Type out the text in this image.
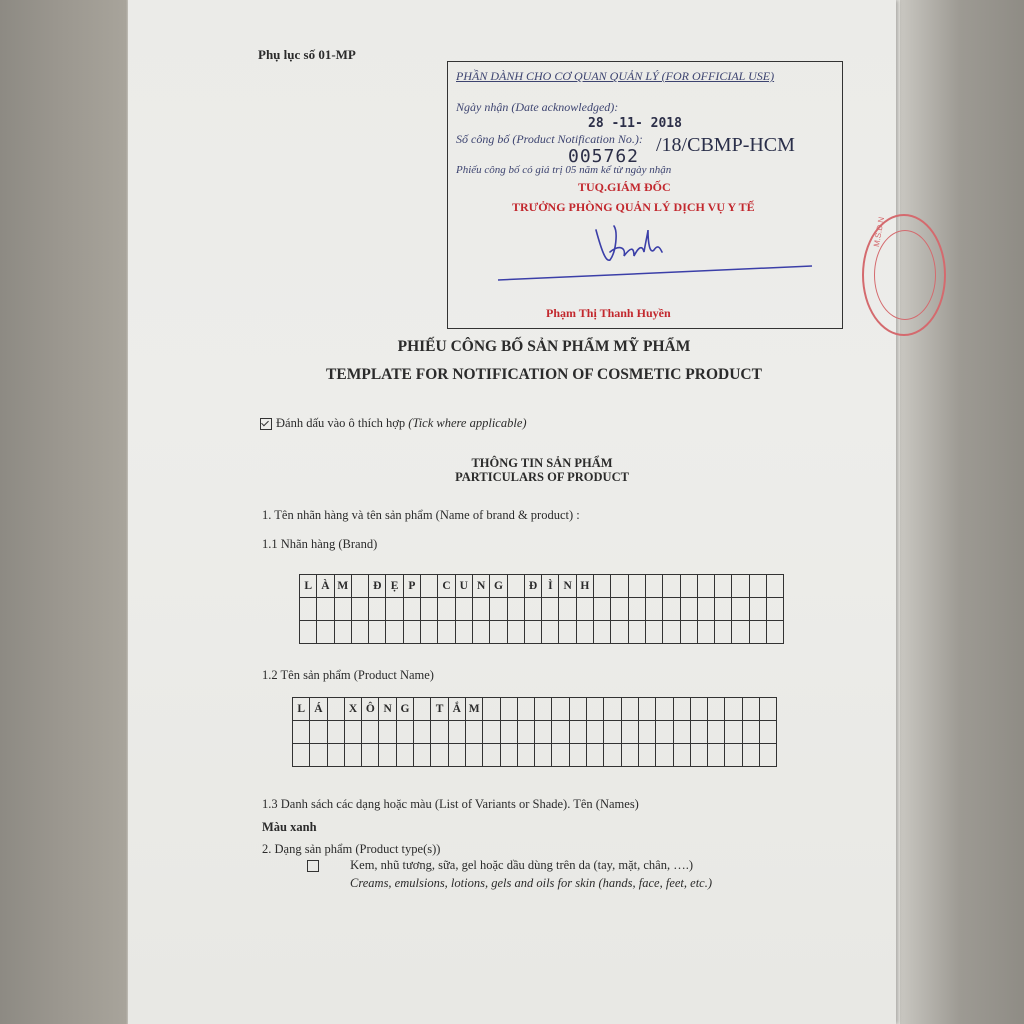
M.S.D.N
Phụ lục số 01-MP
PHẦN DÀNH CHO CƠ QUAN QUẢN LÝ (FOR OFFICIAL USE)
Ngày nhận (Date acknowledged):
28 -11- 2018
Số công bố (Product Notification No.):
005762
/18/CBMP-HCM
Phiếu công bố có giá trị 05 năm kể từ ngày nhận
TUQ.GIÁM ĐỐC
TRƯỞNG PHÒNG QUẢN LÝ DỊCH VỤ Y TẾ
Phạm Thị Thanh Huyền
PHIẾU CÔNG BỐ SẢN PHẨM MỸ PHẨM
TEMPLATE FOR NOTIFICATION OF COSMETIC PRODUCT
Đánh dấu vào ô thích hợp (Tick where applicable)
THÔNG TIN SẢN PHẨM
PARTICULARS OF PRODUCT
1. Tên nhãn hàng và tên sản phẩm (Name of brand & product) :
1.1 Nhãn hàng (Brand)
L	À	M		Đ	Ẹ	P		C	U	N	G		Đ	Ì	N	H											

1.2 Tên sản phẩm (Product Name)
L	Á		X	Ô	N	G		T	Ắ	M																	

1.3 Danh sách các dạng hoặc màu (List of Variants or Shade). Tên (Names)
Màu xanh
2. Dạng sản phẩm (Product type(s))
Kem, nhũ tương, sữa, gel hoặc dầu dùng trên da (tay, mặt, chân, ….)
Creams, emulsions, lotions, gels and oils for skin (hands, face, feet, etc.)
